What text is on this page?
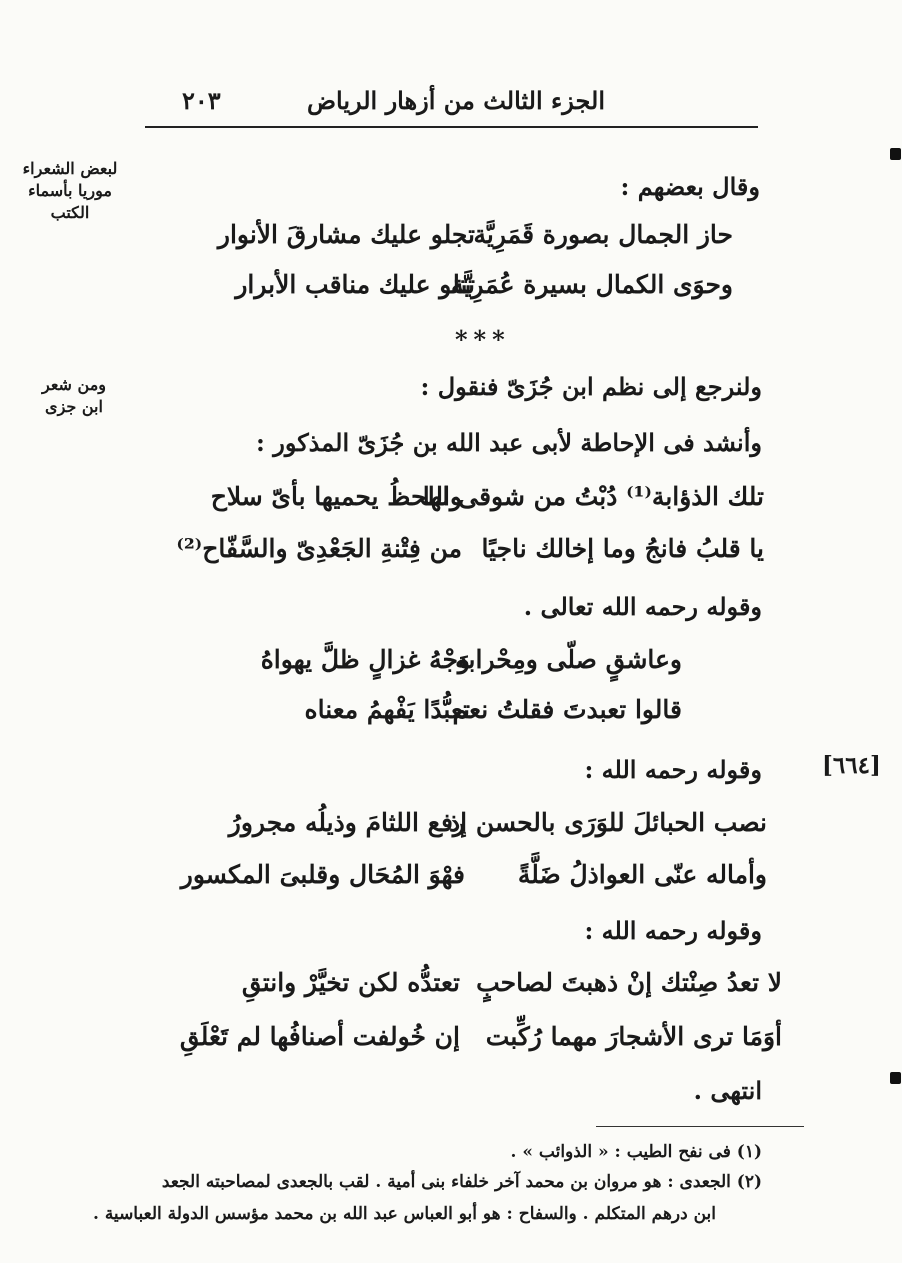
٢٠٣	الجزء الثالث من أزهار الرياض
لبعض الشعراء
موريا بأسماء
الكتب
ومن شعر
ابن جزى
[٦٦٤]
وقال بعضهم :
حاز الجمال بصورة قَمَرِيَّة
تجلو عليك مشارقَ الأنوار
وحوَى الكمال بسيرة عُمَرِيَّة
تتلو عليك مناقب الأبرار
***
ولنرجع إلى نظم ابن جُزَىّ فنقول :
وأنشد فى الإحاطة لأبى عبد الله بن جُزَىّ المذكور :
تلك الذؤابة⁽¹⁾ دُبْتُ من شوقى لها
واللحظُ يحميها بأىّ سلاح
يا قلبُ فانجُ وما إخالك ناجيًا
من فِتْنةِ الجَعْدِىّ والسَّفّاح⁽²⁾
وقوله رحمه الله تعالى .
وعاشقٍ صلّى ومِحْرابه
وَجْهُ غزالٍ ظلَّ يهواهُ
قالوا تعبدتَ فقلتُ نعم
تعبُّدًا يَفْهمُ معناه
وقوله رحمه الله :
نصب الحبائلَ للوَرَى بالحسن إذ
رفع اللثامَ وذيلُه مجرورُ
وأماله عنّى العواذلُ ضَلَّةً
فهْوَ المُحَال وقلبىَ المكسور
وقوله رحمه الله :
لا تعدُ صِنْتك إنْ ذهبتَ لصاحبٍ
تعتدُّه لكن تخيَّرْ وانتقِ
أوَمَا ترى الأشجارَ مهما رُكِّبت
إن خُولفت أصنافُها لم تَعْلَقِ
انتهى .
(١) فى نفح الطيب : « الذوائب » .
(٢) الجعدى : هو مروان بن محمد آخر خلفاء بنى أمية . لقب بالجعدى لمصاحبته الجعد
ابن درهم المتكلم . والسفاح : هو أبو العباس عبد الله بن محمد مؤسس الدولة العباسية .
